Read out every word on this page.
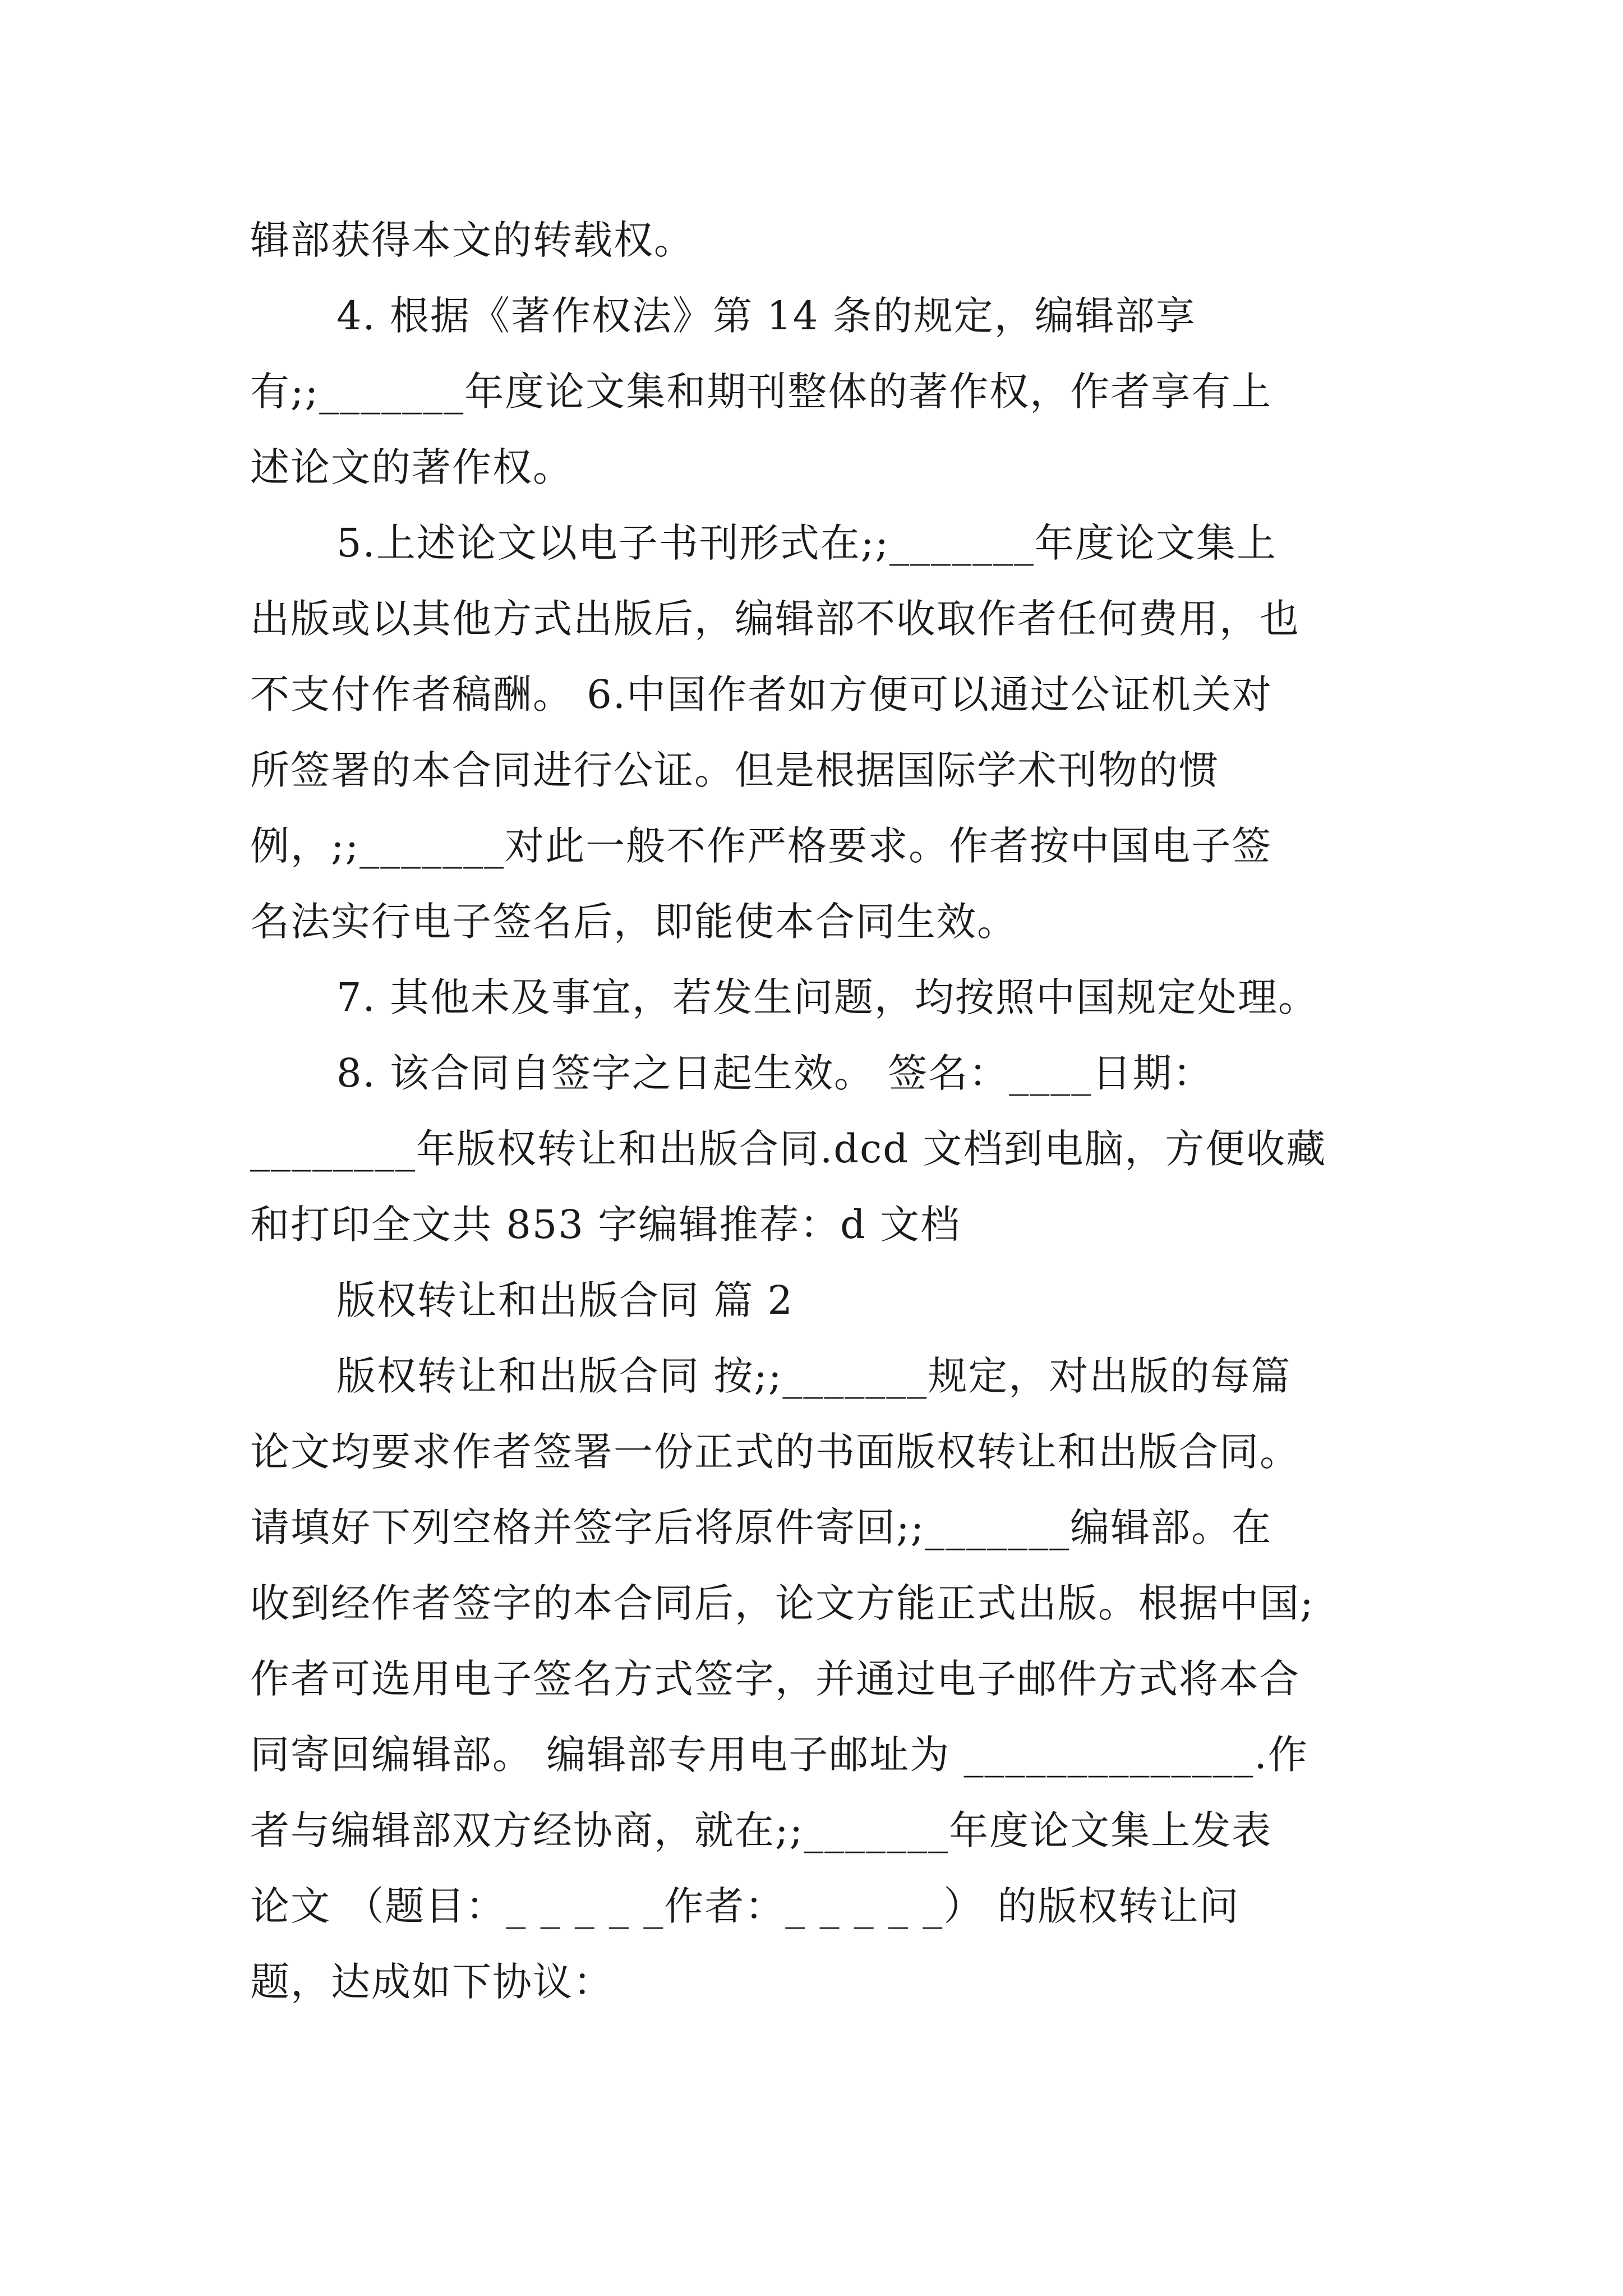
辑部获得本文的转载权。
4. 根据《著作权法》第 14 条的规定，编辑部享
有;;_______年度论文集和期刊整体的著作权，作者享有上
述论文的著作权。
5.上述论文以电子书刊形式在;;_______年度论文集上
出版或以其他方式出版后，编辑部不收取作者任何费用，也
不支付作者稿酬。 6.中国作者如方便可以通过公证机关对
所签署的本合同进行公证。但是根据国际学术刊物的惯
例，;;_______对此一般不作严格要求。作者按中国电子签
名法实行电子签名后，即能使本合同生效。
7. 其他未及事宜，若发生问题，均按照中国规定处理。
8. 该合同自签字之日起生效。 签名：____日期：
________年版权转让和出版合同.dcd 文档到电脑，方便收藏
和打印全文共 853 字编辑推荐：d 文档
版权转让和出版合同 篇 2
版权转让和出版合同 按;;_______规定，对出版的每篇
论文均要求作者签署一份正式的书面版权转让和出版合同。
请填好下列空格并签字后将原件寄回;;_______编辑部。在
收到经作者签字的本合同后，论文方能正式出版。根据中国;
作者可选用电子签名方式签字，并通过电子邮件方式将本合
同寄回编辑部。 编辑部专用电子邮址为 ______________.作
者与编辑部双方经协商，就在;;_______年度论文集上发表
论文 （题目：_ _ _ _ _作者：_ _ _ _ _） 的版权转让问
题，达成如下协议：
